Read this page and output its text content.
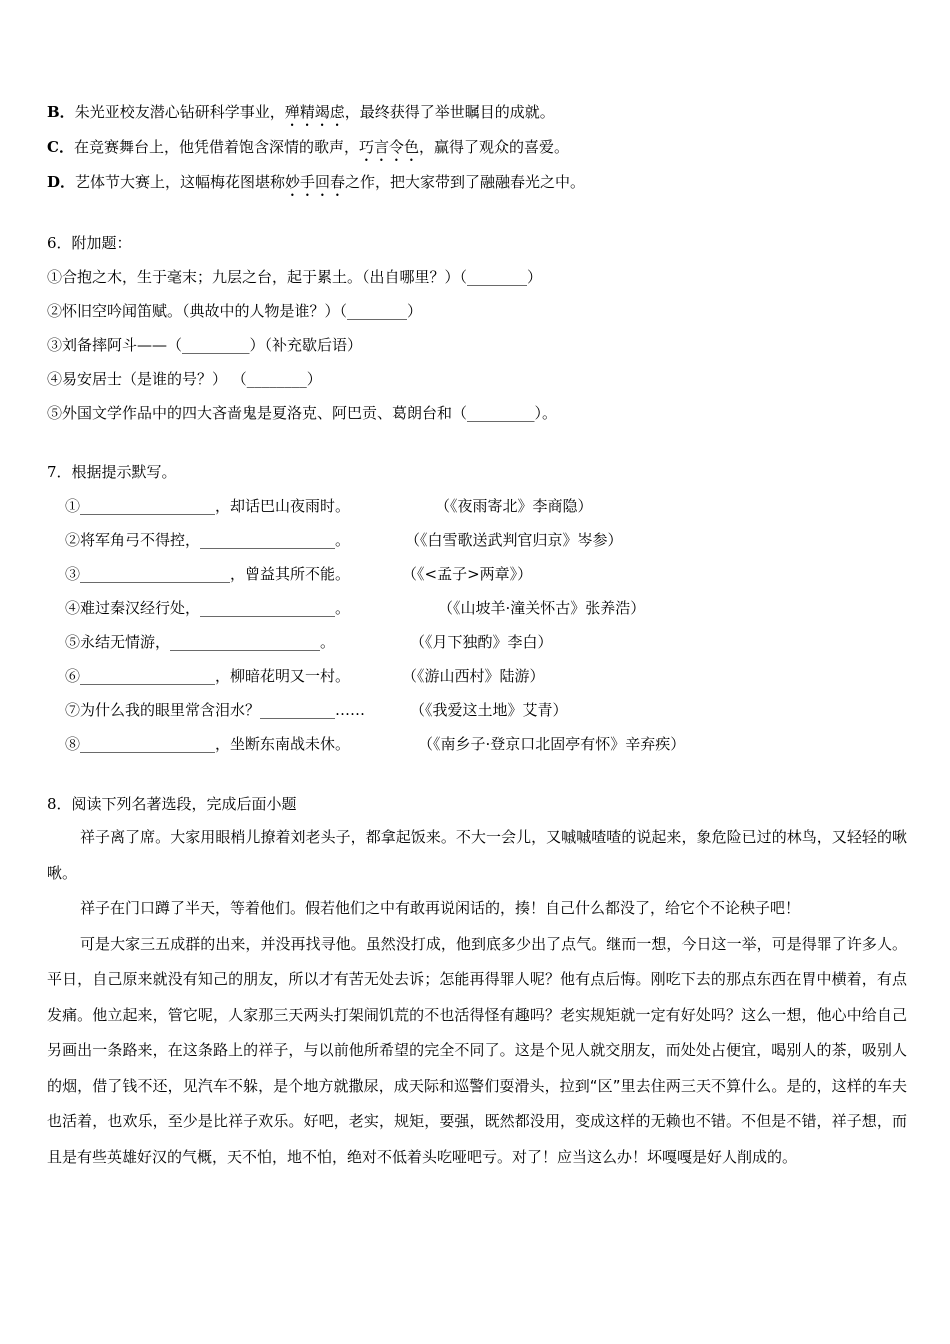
B．朱光亚校友潜心钻研科学事业，殚精竭虑，最终获得了举世瞩目的成就。
C．在竞赛舞台上，他凭借着饱含深情的歌声，巧言令色，赢得了观众的喜爱。
D．艺体节大赛上，这幅梅花图堪称妙手回春之作，把大家带到了融融春光之中。
6．附加题：
①合抱之木，生于毫末；九层之台，起于累土。（出自哪里？）（________）
②怀旧空吟闻笛赋。（典故中的人物是谁？）（________）
③刘备摔阿斗——（_________）（补充歇后语）
④易安居士（是谁的号？） （________）
⑤外国文学作品中的四大吝啬鬼是夏洛克、阿巴贡、葛朗台和（_________）。
7．根据提示默写。
①__________________，却话巴山夜雨时。	（《夜雨寄北》李商隐）
②将军角弓不得控，__________________。	（《白雪歌送武判官归京》岑参）
③____________________，曾益其所不能。	（《<孟子>两章》）
④难过秦汉经行处，__________________。	（《山坡羊·潼关怀古》张养浩）
⑤永结无情游，____________________。	（《月下独酌》李白）
⑥__________________，柳暗花明又一村。	（《游山西村》陆游）
⑦为什么我的眼里常含泪水？__________……	（《我爱这土地》艾青）
⑧__________________，坐断东南战未休。	（《南乡子·登京口北固亭有怀》辛弃疾）
8．阅读下列名著选段，完成后面小题

祥子离了席。大家用眼梢儿撩着刘老头子，都拿起饭来。不大一会儿，又嘁嘁喳喳的说起来，象危险已过的林鸟，又轻轻的啾啾。

祥子在门口蹲了半天，等着他们。假若他们之中有敢再说闲话的，揍！自己什么都没了，给它个不论秧子吧！

可是大家三五成群的出来，并没再找寻他。虽然没打成，他到底多少出了点气。继而一想，今日这一举，可是得罪了许多人。平日，自己原来就没有知己的朋友，所以才有苦无处去诉；怎能再得罪人呢？他有点后悔。刚吃下去的那点东西在胃中横着，有点发痛。他立起来，管它呢，人家那三天两头打架闹饥荒的不也活得怪有趣吗？老实规矩就一定有好处吗？这么一想，他心中给自己另画出一条路来，在这条路上的祥子，与以前他所希望的完全不同了。这是个见人就交朋友，而处处占便宜，喝别人的茶，吸别人的烟，借了钱不还，见汽车不躲，是个地方就撒尿，成天际和巡警们耍滑头，拉到“区”里去住两三天不算什么。是的，这样的车夫也活着，也欢乐，至少是比祥子欢乐。好吧，老实，规矩，要强，既然都没用，变成这样的无赖也不错。不但是不错，祥子想，而且是有些英雄好汉的气概，天不怕，地不怕，绝对不低着头吃哑吧亏。对了！应当这么办！坏嘎嘎是好人削成的。
